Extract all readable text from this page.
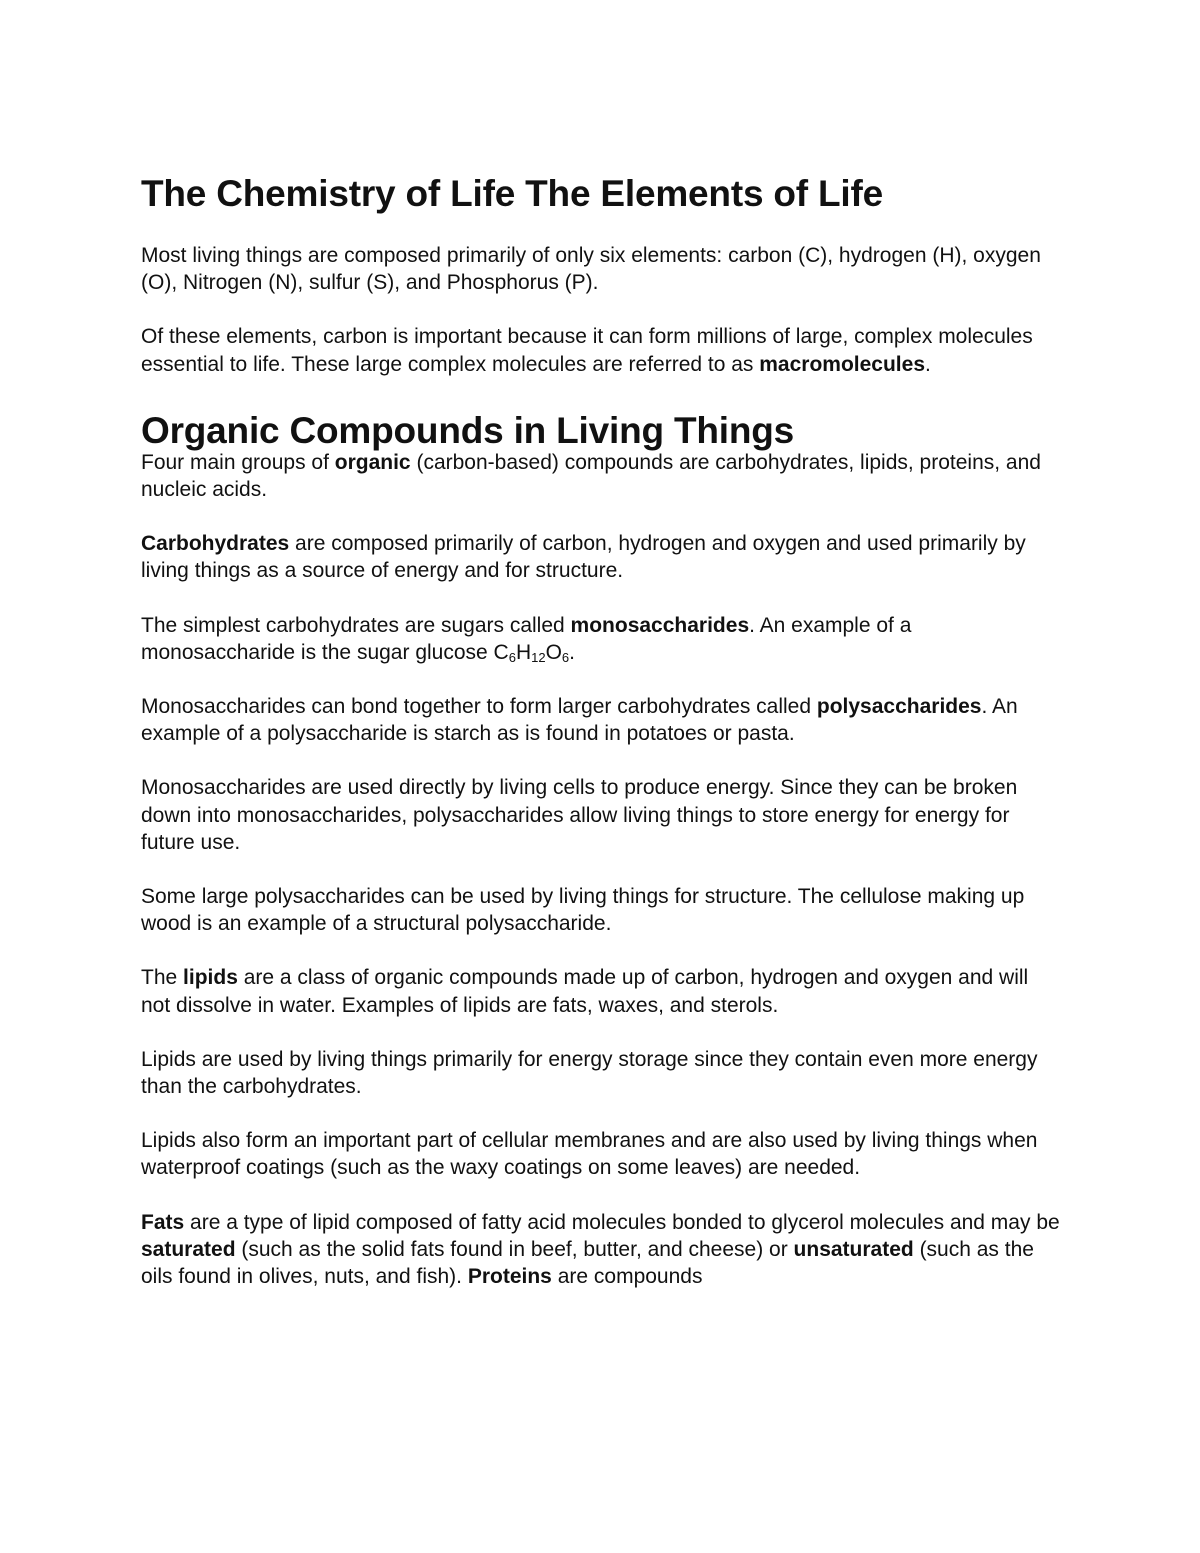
The Chemistry of Life The Elements of Life

Most living things are composed primarily of only six elements: carbon (C), hydrogen (H), oxygen (O), Nitrogen (N), sulfur (S), and Phosphorus (P).

Of these elements, carbon is important because it can form millions of large, complex molecules essential to life. These large complex molecules are referred to as macromolecules.

Organic Compounds in Living Things

Four main groups of organic (carbon-based) compounds are carbohydrates, lipids, proteins, and nucleic acids.

Carbohydrates are composed primarily of carbon, hydrogen and oxygen and used primarily by living things as a source of energy and for structure.

The simplest carbohydrates are sugars called monosaccharides. An example of a monosaccharide is the sugar glucose $C_6H_{12}O_6$.

Monosaccharides can bond together to form larger carbohydrates called polysaccharides. An example of a polysaccharide is starch as is found in potatoes or pasta.

Monosaccharides are used directly by living cells to produce energy. Since they can be broken down into monosaccharides, polysaccharides allow living things to store energy for energy for future use.

Some large polysaccharides can be used by living things for structure. The cellulose making up wood is an example of a structural polysaccharide.

The lipids are a class of organic compounds made up of carbon, hydrogen and oxygen and will not dissolve in water. Examples of lipids are fats, waxes, and sterols.

Lipids are used by living things primarily for energy storage since they contain even more energy than the carbohydrates.

Lipids also form an important part of cellular membranes and are also used by living things when waterproof coatings (such as the waxy coatings on some leaves) are needed.

Fats are a type of lipid composed of fatty acid molecules bonded to glycerol molecules and may be saturated (such as the solid fats found in beef, butter, and cheese) or unsaturated (such as the oils found in olives, nuts, and fish). Proteins are compounds
